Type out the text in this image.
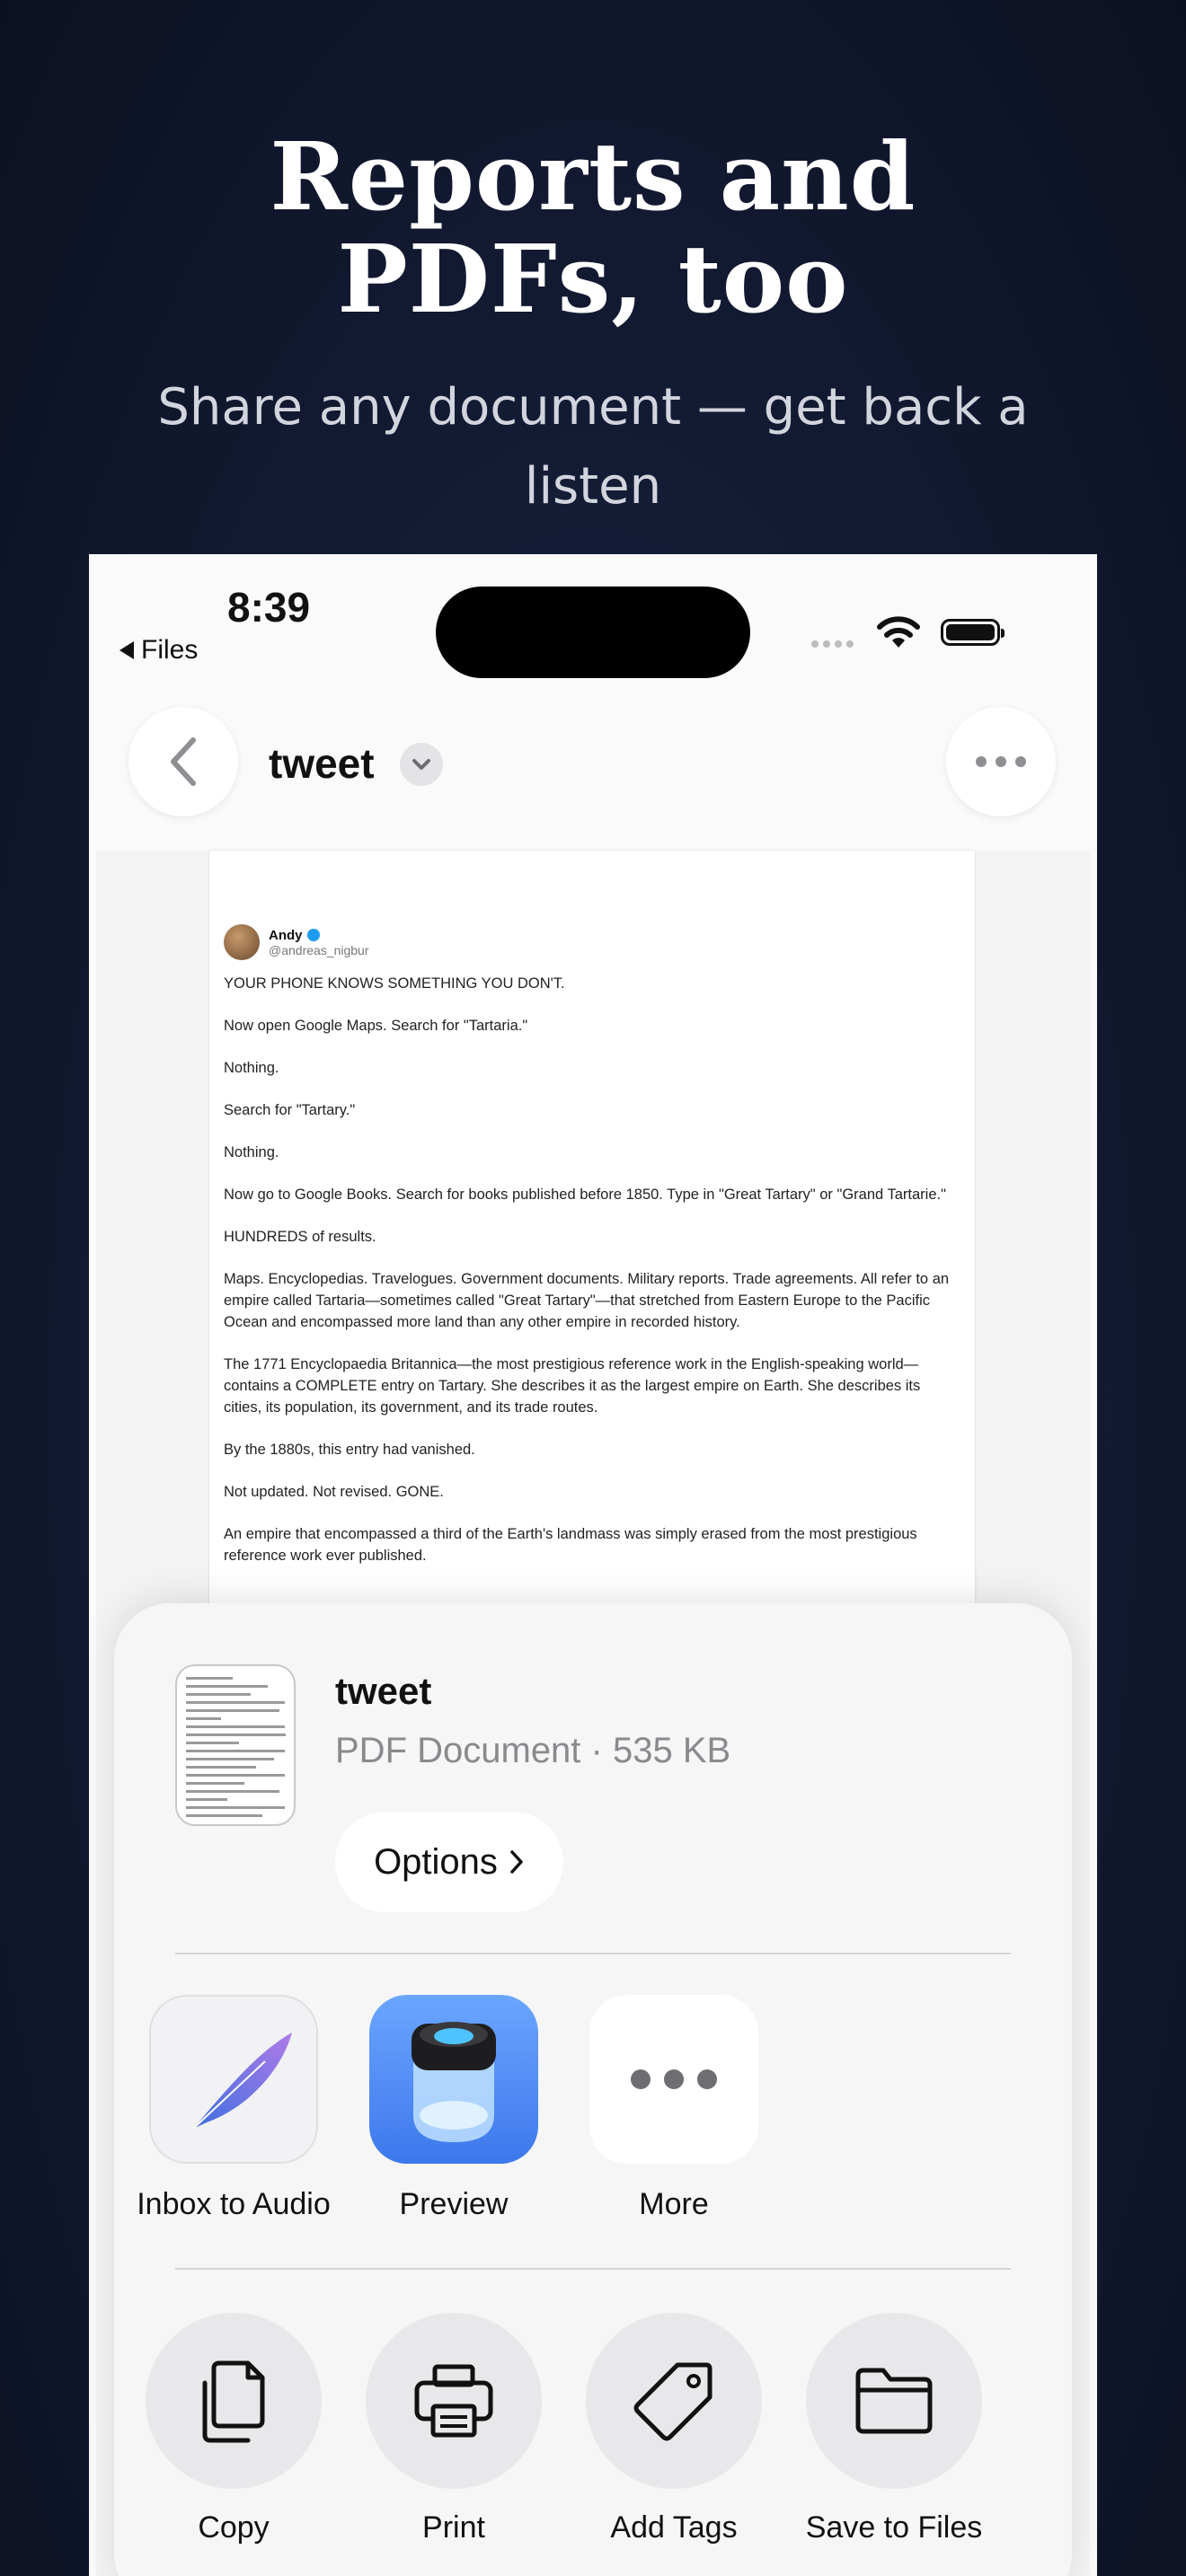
Reports and
PDFs, too
Share any document — get back a listen
8:39
Files
tweet
Andy
@andreas_nigbur

YOUR PHONE KNOWS SOMETHING YOU DON'T.

Now open Google Maps. Search for "Tartaria."

Nothing.

Search for "Tartary."

Nothing.

Now go to Google Books. Search for books published before 1850. Type in "Great Tartary" or "Grand Tartarie."

HUNDREDS of results.

Maps. Encyclopedias. Travelogues. Government documents. Military reports. Trade agreements. All refer to an empire called Tartaria—sometimes called "Great Tartary"—that stretched from Eastern Europe to the Pacific Ocean and encompassed more land than any other empire in recorded history.

The 1771 Encyclopaedia Britannica—the most prestigious reference work in the English-speaking world—contains a COMPLETE entry on Tartary. She describes it as the largest empire on Earth. She describes its cities, its population, its government, and its trade routes.

By the 1880s, this entry had vanished.

Not updated. Not revised. GONE.

An empire that encompassed a third of the Earth's landmass was simply erased from the most prestigious reference work ever published.

tweet
PDF Document · 535 KB
Options
Inbox to Audio	Preview	More
Copy	Print	Add Tags	Save to Files
